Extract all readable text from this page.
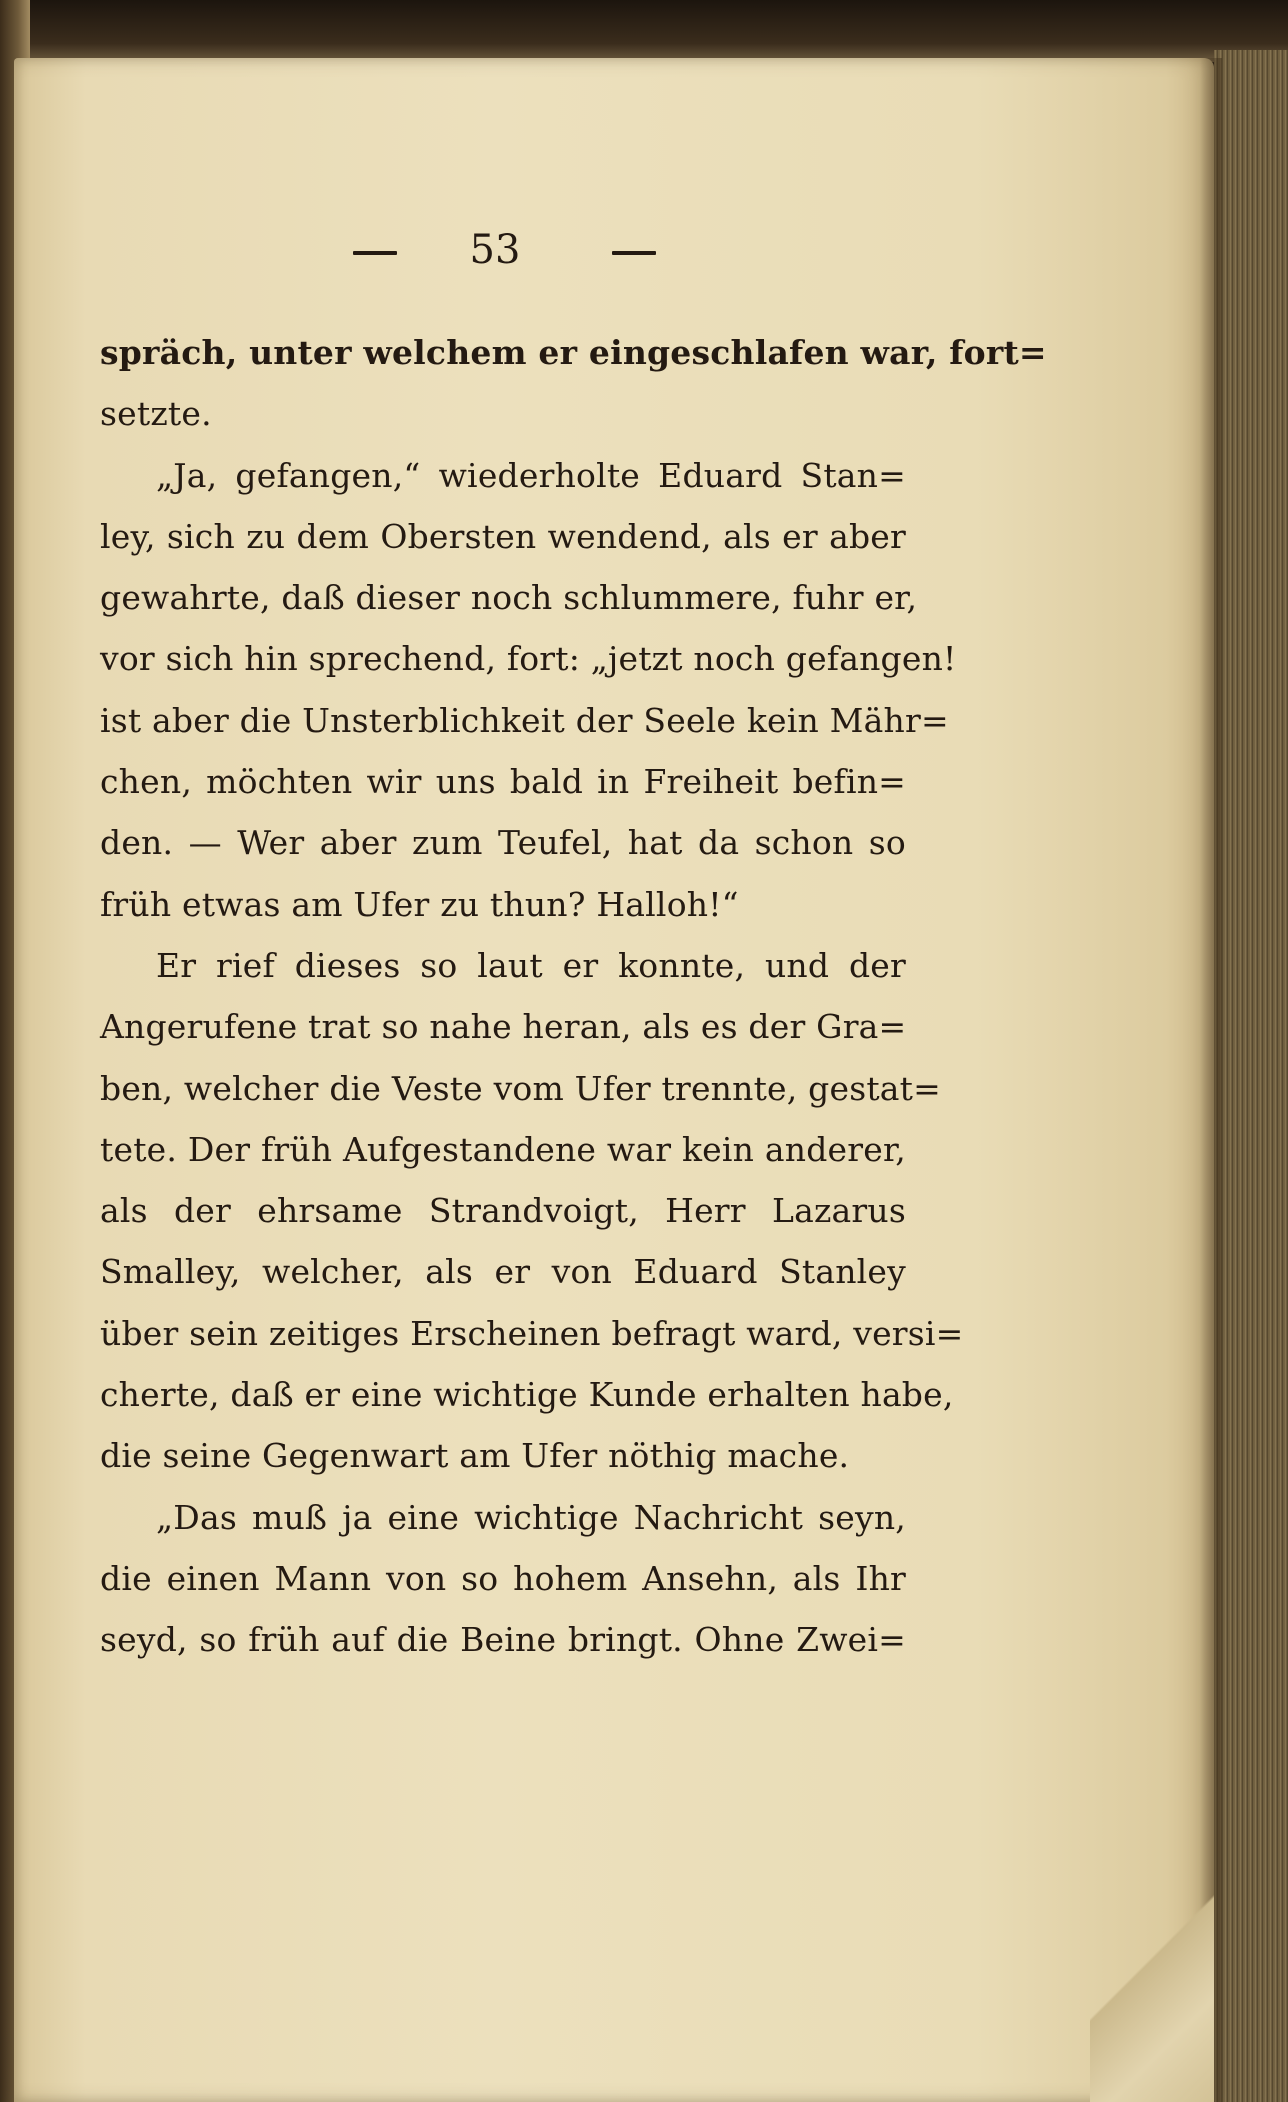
53
spräch, unter welchem er eingeschlafen war, fort=
setzte.
„Ja, gefangen,“ wiederholte Eduard Stan=
ley, sich zu dem Obersten wendend, als er aber
gewahrte, daß dieser noch schlummere, fuhr er,
vor sich hin sprechend, fort: „jetzt noch gefangen!
ist aber die Unsterblichkeit der Seele kein Mähr=
chen, möchten wir uns bald in Freiheit befin=
den. — Wer aber zum Teufel, hat da schon so
früh etwas am Ufer zu thun? Halloh!“
Er rief dieses so laut er konnte, und der
Angerufene trat so nahe heran, als es der Gra=
ben, welcher die Veste vom Ufer trennte, gestat=
tete. Der früh Aufgestandene war kein anderer,
als der ehrsame Strandvoigt, Herr Lazarus
Smalley, welcher, als er von Eduard Stanley
über sein zeitiges Erscheinen befragt ward, versi=
cherte, daß er eine wichtige Kunde erhalten habe,
die seine Gegenwart am Ufer nöthig mache.
„Das muß ja eine wichtige Nachricht seyn,
die einen Mann von so hohem Ansehn, als Ihr
seyd, so früh auf die Beine bringt. Ohne Zwei=
